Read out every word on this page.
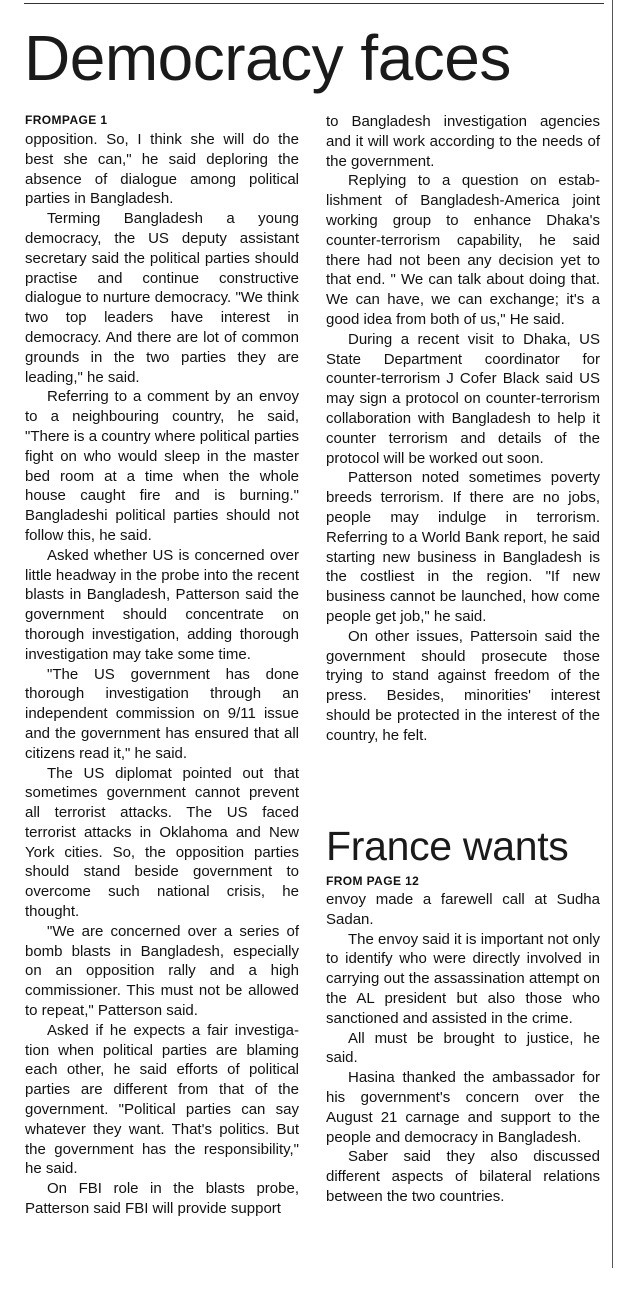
Democracy faces
FROMPAGE 1

opposition. So, I think she will do the best she can," he said deploring the absence of dialogue among political parties in Bangladesh.

Terming Bangladesh a young democracy, the US deputy assistant secretary said the political parties should practise and continue constructive dialogue to nurture democracy. "We think two top leaders have interest in democracy. And there are lot of common grounds in the two parties they are leading," he said.

Referring to a comment by an envoy to a neighbouring country, he said, "There is a country where political parties fight on who would sleep in the master bed room at a time when the whole house caught fire and is burning." Bangladeshi political parties should not follow this, he said.

Asked whether US is concerned over little headway in the probe into the recent blasts in Bangladesh, Patterson said the government should concentrate on thorough investigation, adding thorough investigation may take some time.

"The US government has done thorough investigation through an independent commission on 9/11 issue and the government has ensured that all citizens read it," he said.

The US diplomat pointed out that sometimes government cannot prevent all terrorist attacks. The US faced terrorist attacks in Oklahoma and New York cities. So, the opposition parties should stand beside government to overcome such national crisis, he thought.

"We are concerned over a series of bomb blasts in Bangladesh, especially on an opposition rally and a high commissioner. This must not be allowed to repeat," Patterson said.

Asked if he expects a fair investigation when political parties are blaming each other, he said efforts of political parties are different from that of the government. "Political parties can say whatever they want. That's politics. But the government has the responsibility," he said.

On FBI role in the blasts probe, Patterson said FBI will provide support

to Bangladesh investigation agencies and it will work according to the needs of the government.

Replying to a question on establishment of Bangladesh-America joint working group to enhance Dhaka's counter-terrorism capability, he said there had not been any decision yet to that end. " We can talk about doing that. We can have, we can exchange; it's a good idea from both of us," He said.

During a recent visit to Dhaka, US State Department coordinator for counter-terrorism J Cofer Black said US may sign a protocol on counter-terrorism collaboration with Bangladesh to help it counter terrorism and details of the protocol will be worked out soon.

Patterson noted sometimes poverty breeds terrorism. If there are no jobs, people may indulge in terrorism. Referring to a World Bank report, he said starting new business in Bangladesh is the costliest in the region. "If new business cannot be launched, how come people get job," he said.

On other issues, Pattersoin said the government should prosecute those trying to stand against freedom of the press. Besides, minorities' interest should be protected in the interest of the country, he felt.

France wants
FROM PAGE 12

envoy made a farewell call at Sudha Sadan.

The envoy said it is important not only to identify who were directly involved in carrying out the assassination attempt on the AL president but also those who sanctioned and assisted in the crime.

All must be brought to justice, he said.

Hasina thanked the ambassador for his government's concern over the August 21 carnage and support to the people and democracy in Bangladesh.

Saber said they also discussed different aspects of bilateral relations between the two countries.
